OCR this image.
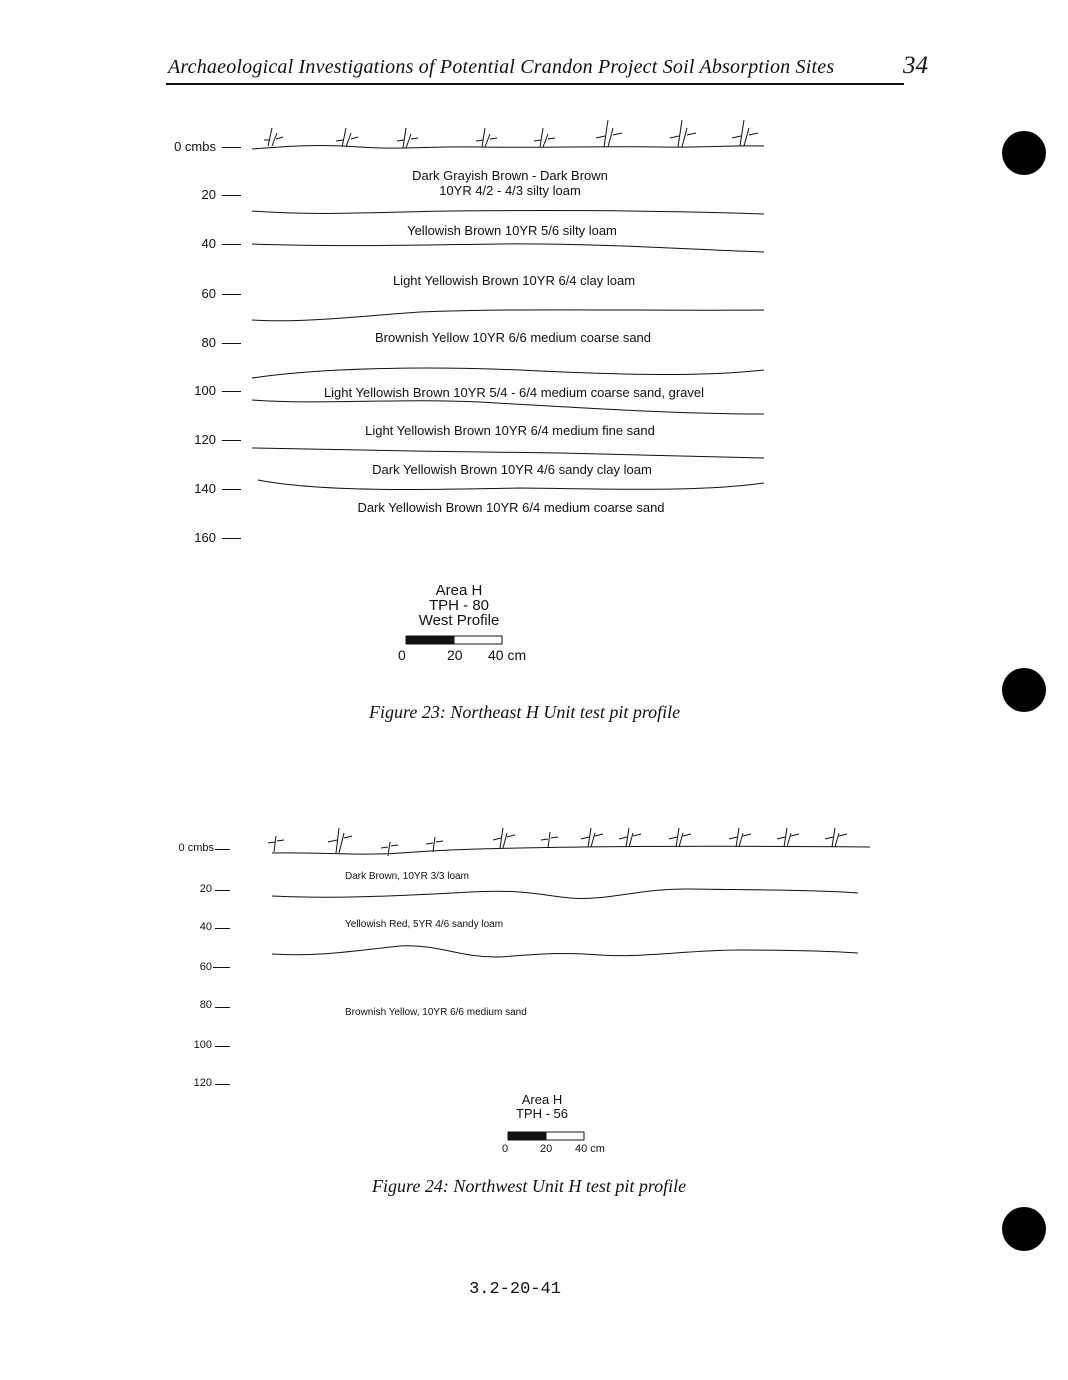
Archaeological Investigations of Potential Crandon Project Soil Absorption Sites	34
0 cmbs
20
40
60
80
100
120
140
160
Dark Grayish Brown - Dark Brown
10YR 4/2 - 4/3 silty loam
Yellowish Brown 10YR 5/6 silty loam
Light Yellowish Brown 10YR 6/4 clay loam
Brownish Yellow 10YR 6/6 medium coarse sand
Light Yellowish Brown 10YR 5/4 - 6/4 medium coarse sand, gravel
Light Yellowish Brown 10YR 6/4 medium fine sand
Dark Yellowish Brown 10YR 4/6 sandy clay loam
Dark Yellowish Brown 10YR 6/4 medium coarse sand
Area H
TPH - 80
West Profile
0	20 40 cm
Figure 23: Northeast H Unit test pit profile
0 cmbs
20
40
60
80
100
120
Dark Brown, 10YR 3/3 loam
Yellowish Red, 5YR 4/6 sandy loam
Brownish Yellow, 10YR 6/6 medium sand
Area H
TPH - 56
0	20 40 cm
Figure 24: Northwest Unit H test pit profile
3.2-20-41
